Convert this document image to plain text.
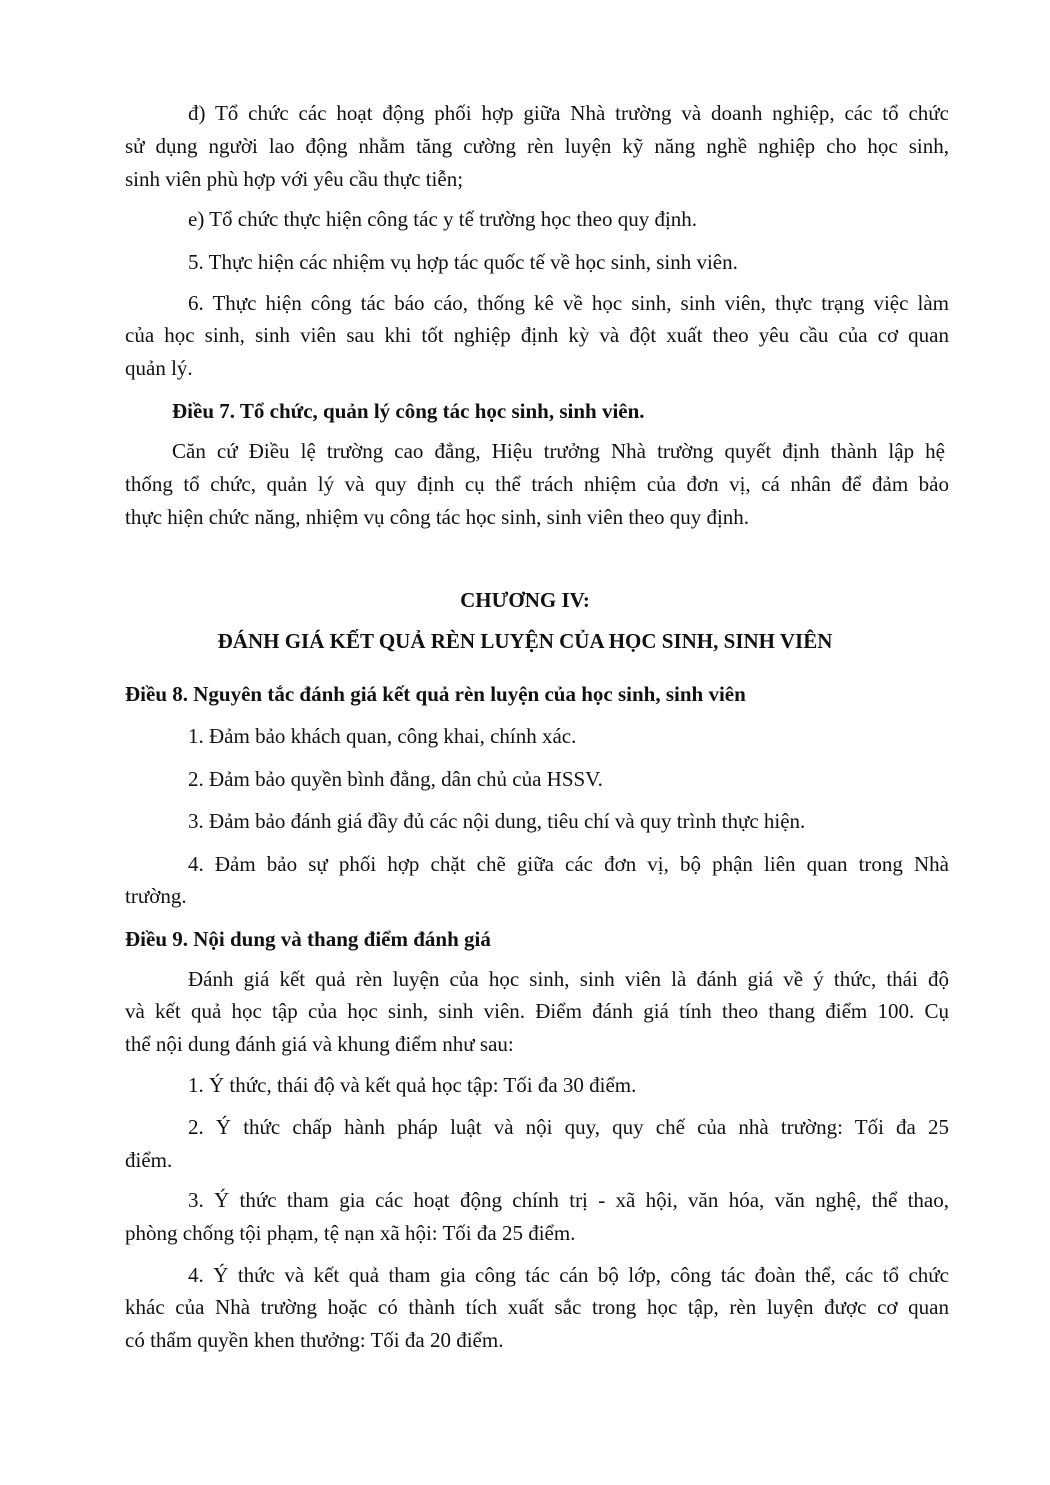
đ) Tổ chức các hoạt động phối hợp giữa Nhà trường và doanh nghiệp, các tổ chức
sử dụng người lao động nhằm tăng cường rèn luyện kỹ năng nghề nghiệp cho học sinh,
sinh viên phù hợp với yêu cầu thực tiễn;
e) Tổ chức thực hiện công tác y tế trường học theo quy định.
5. Thực hiện các nhiệm vụ hợp tác quốc tế về học sinh, sinh viên.
6. Thực hiện công tác báo cáo, thống kê về học sinh, sinh viên, thực trạng việc làm
của học sinh, sinh viên sau khi tốt nghiệp định kỳ và đột xuất theo yêu cầu của cơ quan
quản lý.
Điều 7. Tổ chức, quản lý công tác học sinh, sinh viên.
Căn cứ Điều lệ trường cao đẳng, Hiệu trưởng Nhà trường quyết định thành lập hệ
thống tổ chức, quản lý và quy định cụ thể trách nhiệm của đơn vị, cá nhân để đảm bảo
thực hiện chức năng, nhiệm vụ công tác học sinh, sinh viên theo quy định.
CHƯƠNG IV:
ĐÁNH GIÁ KẾT QUẢ RÈN LUYỆN CỦA HỌC SINH, SINH VIÊN
Điều 8. Nguyên tắc đánh giá kết quả rèn luyện của học sinh, sinh viên
1. Đảm bảo khách quan, công khai, chính xác.
2. Đảm bảo quyền bình đẳng, dân chủ của HSSV.
3. Đảm bảo đánh giá đầy đủ các nội dung, tiêu chí và quy trình thực hiện.
4. Đảm bảo sự phối hợp chặt chẽ giữa các đơn vị, bộ phận liên quan trong Nhà
trường.
Điều 9. Nội dung và thang điểm đánh giá
Đánh giá kết quả rèn luyện của học sinh, sinh viên là đánh giá về ý thức, thái độ
và kết quả học tập của học sinh, sinh viên. Điểm đánh giá tính theo thang điểm 100. Cụ
thể nội dung đánh giá và khung điểm như sau:
1. Ý thức, thái độ và kết quả học tập: Tối đa 30 điểm.
2. Ý thức chấp hành pháp luật và nội quy, quy chế của nhà trường: Tối đa 25
điểm.
3. Ý thức tham gia các hoạt động chính trị - xã hội, văn hóa, văn nghệ, thể thao,
phòng chống tội phạm, tệ nạn xã hội: Tối đa 25 điểm.
4. Ý thức và kết quả tham gia công tác cán bộ lớp, công tác đoàn thể, các tổ chức
khác của Nhà trường hoặc có thành tích xuất sắc trong học tập, rèn luyện được cơ quan
có thẩm quyền khen thưởng: Tối đa 20 điểm.
